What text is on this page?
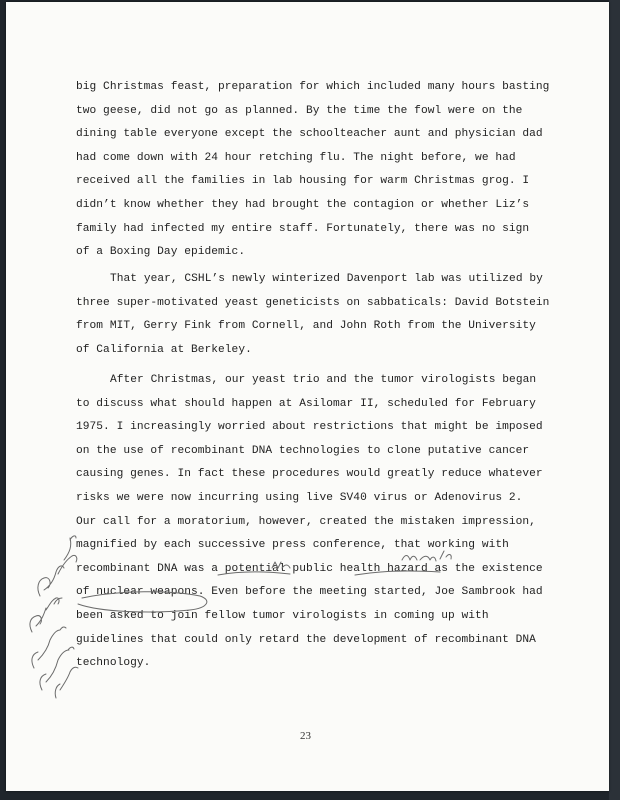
big Christmas feast, preparation for which included many hours basting
two geese, did not go as planned. By the time the fowl were on the
dining table everyone except the schoolteacher aunt and physician dad
had come down with 24 hour retching flu. The night before, we had
received all the families in lab housing for warm Christmas grog. I
didn’t know whether they had brought the contagion or whether Liz’s
family had infected my entire staff. Fortunately, there was no sign
of a Boxing Day epidemic.
That year, CSHL’s newly winterized Davenport lab was utilized by
three super-motivated yeast geneticists on sabbaticals: David Botstein
from MIT, Gerry Fink from Cornell, and John Roth from the University
of California at Berkeley.
After Christmas, our yeast trio and the tumor virologists began
to discuss what should happen at Asilomar II, scheduled for February
1975. I increasingly worried about restrictions that might be imposed
on the use of recombinant DNA technologies to clone putative cancer
causing genes. In fact these procedures would greatly reduce whatever
risks we were now incurring using live SV40 virus or Adenovirus 2.
Our call for a moratorium, however, created the mistaken impression,
magnified by each successive press conference, that working with
recombinant DNA was a potential public health hazard as the existence
of nuclear weapons. Even before the meeting started, Joe Sambrook had
been asked to join fellow tumor virologists in coming up with
guidelines that could only retard the development of recombinant DNA
technology.
23
